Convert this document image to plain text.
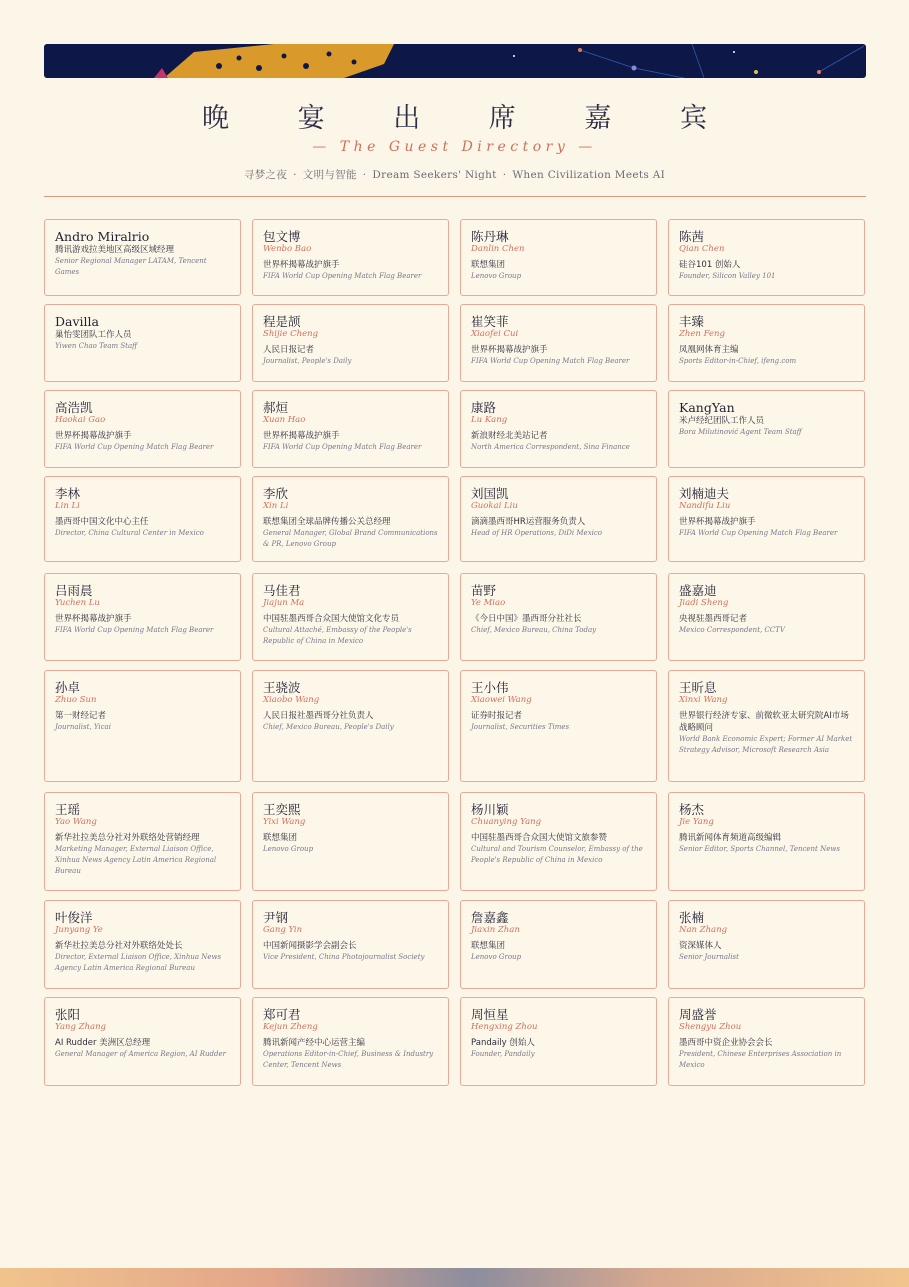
晚 宴 出 席 嘉 宾
— The Guest Directory —
寻梦之夜 · 文明与智能 · Dream Seekers' Night · When Civilization Meets AI
Andro Miralrio
腾讯游戏拉美地区高级区域经理
Senior Regional Manager LATAM, Tencent Games
包文博
Wenbo Bao
世界杯揭幕战护旗手
FIFA World Cup Opening Match Flag Bearer
陈丹琳
Danlin Chen
联想集团
Lenovo Group
陈茜
Qian Chen
硅谷101 创始人
Founder, Silicon Valley 101
Davilla
巢怡雯团队工作人员
Yiwen Chao Team Staff
程是颉
Shijie Cheng
人民日报记者
Journalist, People's Daily
崔笑菲
Xiaofei Cui
世界杯揭幕战护旗手
FIFA World Cup Opening Match Flag Bearer
丰臻
Zhen Feng
凤凰网体育主编
Sports Editor-in-Chief, ifeng.com
高浩凯
Haokai Gao
世界杯揭幕战护旗手
FIFA World Cup Opening Match Flag Bearer
郝烜
Xuan Hao
世界杯揭幕战护旗手
FIFA World Cup Opening Match Flag Bearer
康路
Lu Kang
新浪财经北美站记者
North America Correspondent, Sina Finance
KangYan
米卢经纪团队工作人员
Bora Milutinović Agent Team Staff
李林
Lin Li
墨西哥中国文化中心主任
Director, China Cultural Center in Mexico
李欣
Xin Li
联想集团全球品牌传播公关总经理
General Manager, Global Brand Communications & PR, Lenovo Group
刘国凯
Guokai Liu
滴滴墨西哥HR运营服务负责人
Head of HR Operations, DiDi Mexico
刘楠迪夫
Nandifu Liu
世界杯揭幕战护旗手
FIFA World Cup Opening Match Flag Bearer
吕雨晨
Yuchen Lu
世界杯揭幕战护旗手
FIFA World Cup Opening Match Flag Bearer
马佳君
Jiajun Ma
中国驻墨西哥合众国大使馆文化专员
Cultural Attaché, Embassy of the People's Republic of China in Mexico
苗野
Ye Miao
《今日中国》墨西哥分社社长
Chief, Mexico Bureau, China Today
盛嘉迪
Jiadi Sheng
央视驻墨西哥记者
Mexico Correspondent, CCTV
孙卓
Zhuo Sun
第一财经记者
Journalist, Yicai
王骁波
Xiaobo Wang
人民日报社墨西哥分社负责人
Chief, Mexico Bureau, People's Daily
王小伟
Xiaowei Wang
证券时报记者
Journalist, Securities Times
王昕息
Xinxi Wang
世界银行经济专家、前微软亚太研究院AI市场战略顾问
World Bank Economic Expert; Former AI Market Strategy Advisor, Microsoft Research Asia
王瑶
Yao Wang
新华社拉美总分社对外联络处营销经理
Marketing Manager, External Liaison Office, Xinhua News Agency Latin America Regional Bureau
王奕熙
Yixi Wang
联想集团
Lenovo Group
杨川颖
Chuanying Yang
中国驻墨西哥合众国大使馆文旅参赞
Cultural and Tourism Counselor, Embassy of the People's Republic of China in Mexico
杨杰
Jie Yang
腾讯新闻体育频道高级编辑
Senior Editor, Sports Channel, Tencent News
叶俊洋
Junyang Ye
新华社拉美总分社对外联络处处长
Director, External Liaison Office, Xinhua News Agency Latin America Regional Bureau
尹钢
Gang Yin
中国新闻摄影学会副会长
Vice President, China Photojournalist Society
詹嘉鑫
Jiaxin Zhan
联想集团
Lenovo Group
张楠
Nan Zhang
资深媒体人
Senior Journalist
张阳
Yang Zhang
AI Rudder 美洲区总经理
General Manager of America Region, AI Rudder
郑可君
Kejun Zheng
腾讯新闻产经中心运营主编
Operations Editor-in-Chief, Business & Industry Center, Tencent News
周恒星
Hengxing Zhou
Pandaily 创始人
Founder, Pandaily
周盛誉
Shengyu Zhou
墨西哥中资企业协会会长
President, Chinese Enterprises Association in Mexico
